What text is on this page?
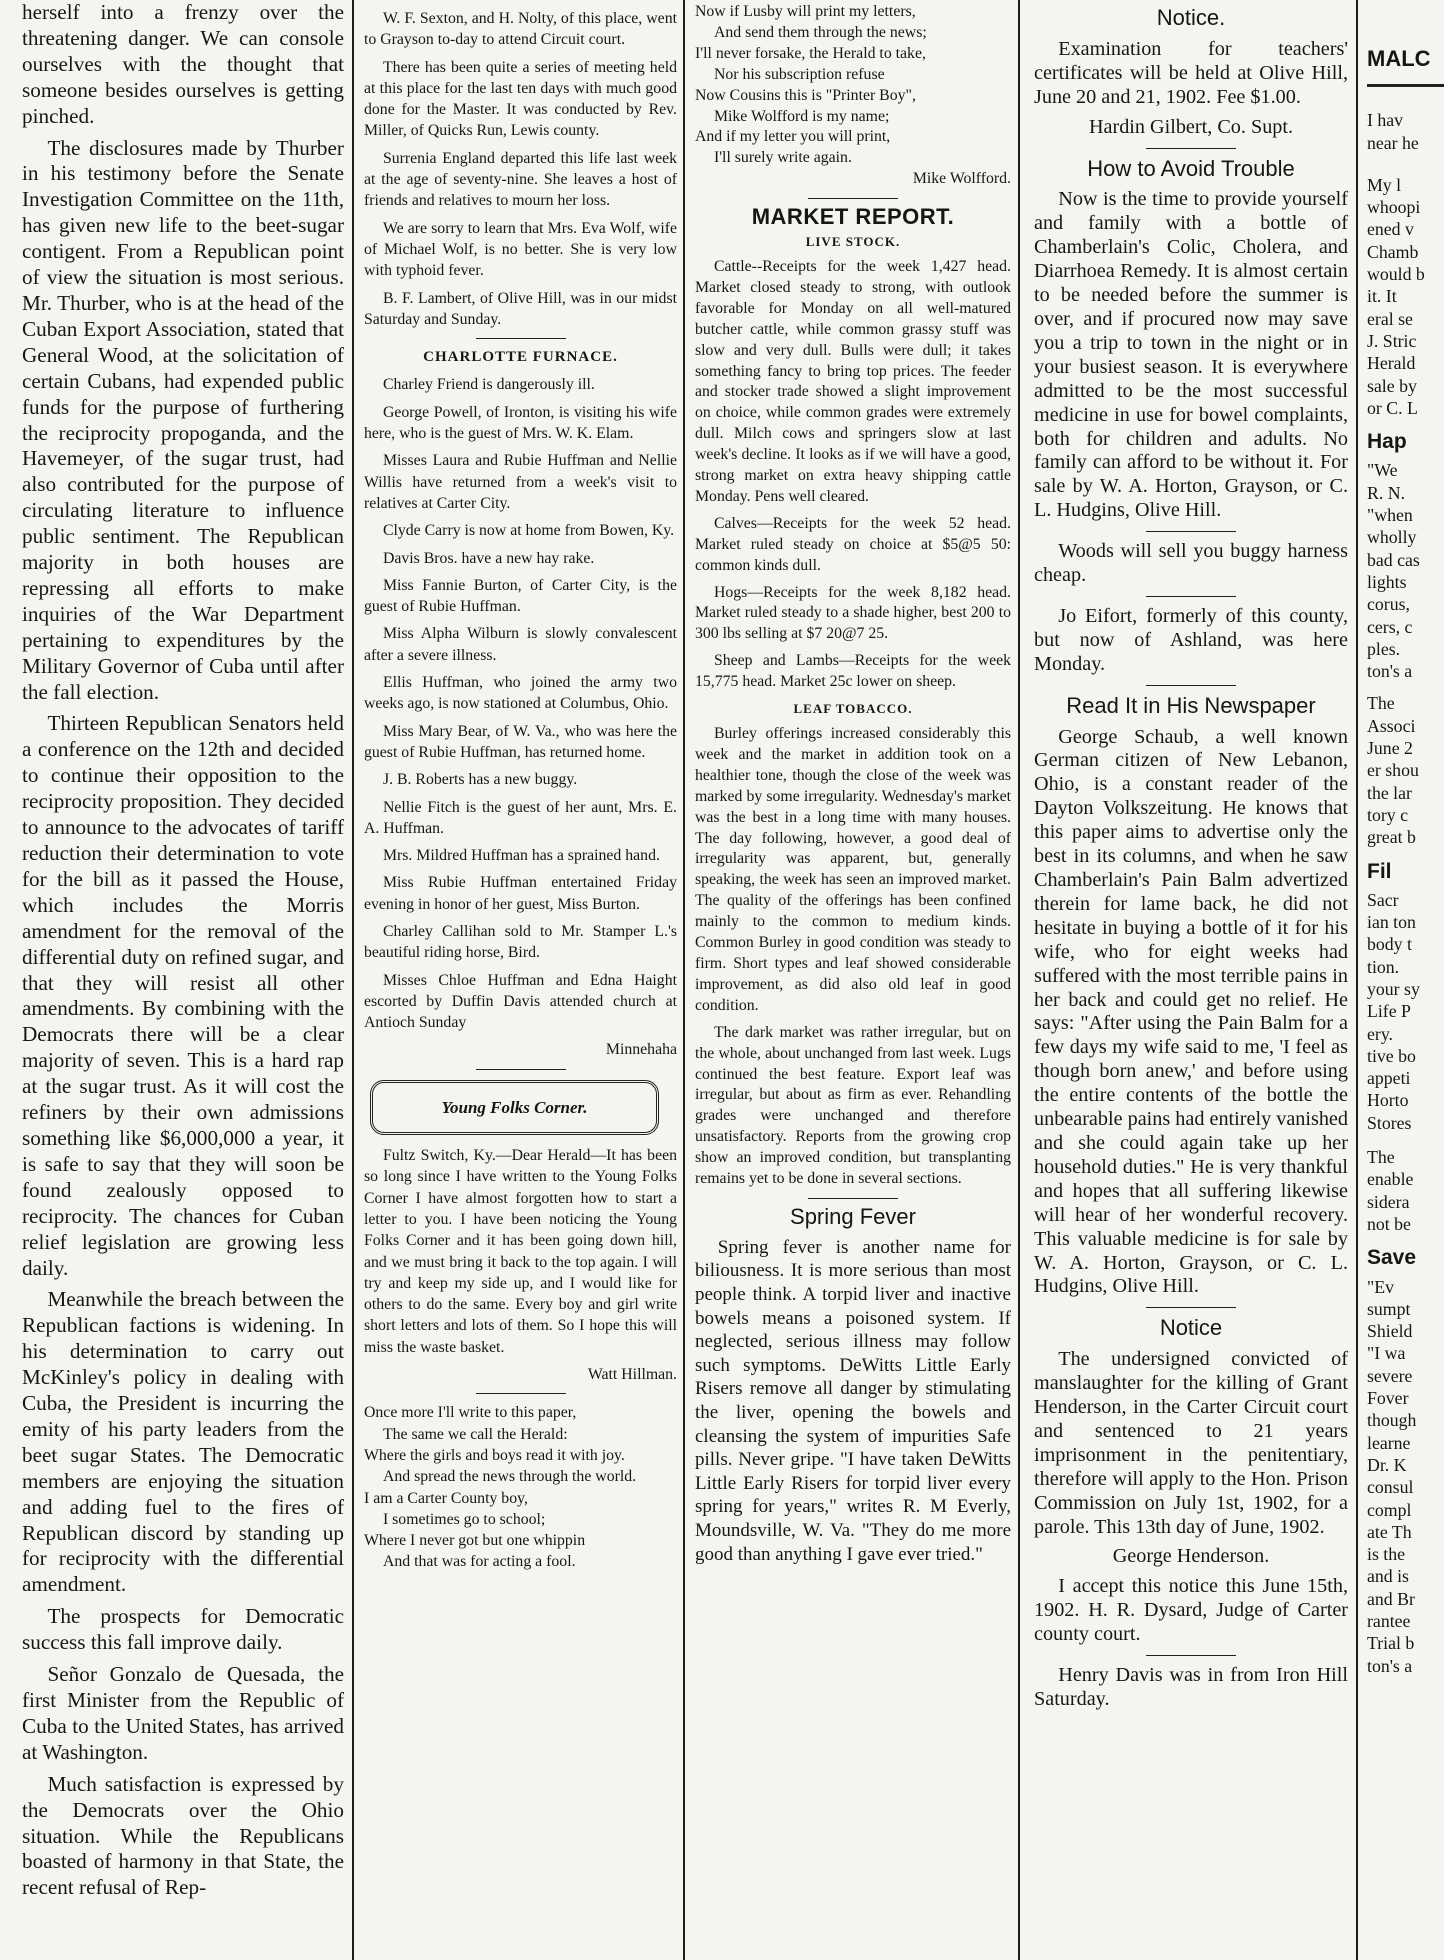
herself into a frenzy over the threatening danger. We can console ourselves with the thought that someone besides ourselves is getting pinched.

The disclosures made by Thurber in his testimony before the Senate Investigation Committee on the 11th, has given new life to the beet-sugar contigent. From a Republican point of view the situation is most serious. Mr. Thurber, who is at the head of the Cuban Export Association, stated that General Wood, at the solicitation of certain Cubans, had expended public funds for the purpose of furthering the reciprocity propoganda, and the Havemeyer, of the sugar trust, had also contributed for the purpose of circulating literature to influence public sentiment. The Republican majority in both houses are repressing all efforts to make inquiries of the War Department pertaining to expenditures by the Military Governor of Cuba until after the fall election.

Thirteen Republican Senators held a conference on the 12th and decided to continue their opposition to the reciprocity proposition. They decided to announce to the advocates of tariff reduction their determination to vote for the bill as it passed the House, which includes the Morris amendment for the removal of the differential duty on refined sugar, and that they will resist all other amendments. By combining with the Democrats there will be a clear majority of seven. This is a hard rap at the sugar trust. As it will cost the refiners by their own admissions something like $6,000,000 a year, it is safe to say that they will soon be found zealously opposed to reciprocity. The chances for Cuban relief legislation are growing less daily.

Meanwhile the breach between the Republican factions is widening. In his determination to carry out McKinley's policy in dealing with Cuba, the President is incurring the emity of his party leaders from the beet sugar States. The Democratic members are enjoying the situation and adding fuel to the fires of Republican discord by standing up for reciprocity with the differential amendment.

The prospects for Democratic success this fall improve daily.

Señor Gonzalo de Quesada, the first Minister from the Republic of Cuba to the United States, has arrived at Washington.

Much satisfaction is expressed by the Democrats over the Ohio situation. While the Republicans boasted of harmony in that State, the recent refusal of Rep-

W. F. Sexton, and H. Nolty, of this place, went to Grayson to-day to attend Circuit court.

There has been quite a series of meeting held at this place for the last ten days with much good done for the Master. It was conducted by Rev. Miller, of Quicks Run, Lewis county.

Surrenia England departed this life last week at the age of seventy-nine. She leaves a host of friends and relatives to mourn her loss.

We are sorry to learn that Mrs. Eva Wolf, wife of Michael Wolf, is no better. She is very low with typhoid fever.

B. F. Lambert, of Olive Hill, was in our midst Saturday and Sunday.

CHARLOTTE FURNACE.

Charley Friend is dangerously ill.

George Powell, of Ironton, is visiting his wife here, who is the guest of Mrs. W. K. Elam.

Misses Laura and Rubie Huffman and Nellie Willis have returned from a week's visit to relatives at Carter City.

Clyde Carry is now at home from Bowen, Ky.

Davis Bros. have a new hay rake.

Miss Fannie Burton, of Carter City, is the guest of Rubie Huffman.

Miss Alpha Wilburn is slowly convalescent after a severe illness.

Ellis Huffman, who joined the army two weeks ago, is now stationed at Columbus, Ohio.

Miss Mary Bear, of W. Va., who was here the guest of Rubie Huffman, has returned home.

J. B. Roberts has a new buggy.

Nellie Fitch is the guest of her aunt, Mrs. E. A. Huffman.

Mrs. Mildred Huffman has a sprained hand.

Miss Rubie Huffman entertained Friday evening in honor of her guest, Miss Burton.

Charley Callihan sold to Mr. Stamper L.'s beautiful riding horse, Bird.

Misses Chloe Huffman and Edna Haight escorted by Duffin Davis attended church at Antioch Sunday

Minnehaha

Young Folks Corner.

Fultz Switch, Ky.—Dear Herald—It has been so long since I have written to the Young Folks Corner I have almost forgotten how to start a letter to you. I have been noticing the Young Folks Corner and it has been going down hill, and we must bring it back to the top again. I will try and keep my side up, and I would like for others to do the same. Every boy and girl write short letters and lots of them. So I hope this will miss the waste basket.

Watt Hillman.

Once more I'll write to this paper,

The same we call the Herald:

Where the girls and boys read it with joy.

And spread the news through the world.

I am a Carter County boy,

I sometimes go to school;

Where I never got but one whippin

And that was for acting a fool.

Now if Lusby will print my letters,

And send them through the news;

I'll never forsake, the Herald to take,

Nor his subscription refuse

Now Cousins this is "Printer Boy",

Mike Wolfford is my name;

And if my letter you will print,

I'll surely write again.

Mike Wolfford.

MARKET REPORT.

LIVE STOCK.

Cattle--Receipts for the week 1,427 head. Market closed steady to strong, with outlook favorable for Monday on all well-matured butcher cattle, while common grassy stuff was slow and very dull. Bulls were dull; it takes something fancy to bring top prices. The feeder and stocker trade showed a slight improvement on choice, while common grades were extremely dull. Milch cows and springers slow at last week's decline. It looks as if we will have a good, strong market on extra heavy shipping cattle Monday. Pens well cleared.

Calves—Receipts for the week 52 head. Market ruled steady on choice at $5@5 50: common kinds dull.

Hogs—Receipts for the week 8,182 head. Market ruled steady to a shade higher, best 200 to 300 lbs selling at $7 20@7 25.

Sheep and Lambs—Receipts for the week 15,775 head. Market 25c lower on sheep.

LEAF TOBACCO.

Burley offerings increased considerably this week and the market in addition took on a healthier tone, though the close of the week was marked by some irregularity. Wednesday's market was the best in a long time with many houses. The day following, however, a good deal of irregularity was apparent, but, generally speaking, the week has seen an improved market. The quality of the offerings has been confined mainly to the common to medium kinds. Common Burley in good condition was steady to firm. Short types and leaf showed considerable improvement, as did also old leaf in good condition.

The dark market was rather irregular, but on the whole, about unchanged from last week. Lugs continued the best feature. Export leaf was irregular, but about as firm as ever. Rehandling grades were unchanged and therefore unsatisfactory. Reports from the growing crop show an improved condition, but transplanting remains yet to be done in several sections.

Spring Fever

Spring fever is another name for biliousness. It is more serious than most people think. A torpid liver and inactive bowels means a poisoned system. If neglected, serious illness may follow such symptoms. DeWitts Little Early Risers remove all danger by stimulating the liver, opening the bowels and cleansing the system of impurities Safe pills. Never gripe. "I have taken DeWitts Little Early Risers for torpid liver every spring for years," writes R. M Everly, Moundsville, W. Va. "They do me more good than anything I gave ever tried."

Notice.

Examination for teachers' certificates will be held at Olive Hill, June 20 and 21, 1902. Fee $1.00.

Hardin Gilbert, Co. Supt.

How to Avoid Trouble

Now is the time to provide yourself and family with a bottle of Chamberlain's Colic, Cholera, and Diarrhoea Remedy. It is almost certain to be needed before the summer is over, and if procured now may save you a trip to town in the night or in your busiest season. It is everywhere admitted to be the most successful medicine in use for bowel complaints, both for children and adults. No family can afford to be without it. For sale by W. A. Horton, Grayson, or C. L. Hudgins, Olive Hill.

Woods will sell you buggy harness cheap.

Jo Eifort, formerly of this county, but now of Ashland, was here Monday.

Read It in His Newspaper

George Schaub, a well known German citizen of New Lebanon, Ohio, is a constant reader of the Dayton Volkszeitung. He knows that this paper aims to advertise only the best in its columns, and when he saw Chamberlain's Pain Balm advertized therein for lame back, he did not hesitate in buying a bottle of it for his wife, who for eight weeks had suffered with the most terrible pains in her back and could get no relief. He says: "After using the Pain Balm for a few days my wife said to me, 'I feel as though born anew,' and before using the entire contents of the bottle the unbearable pains had entirely vanished and she could again take up her household duties." He is very thankful and hopes that all suffering likewise will hear of her wonderful recovery. This valuable medicine is for sale by W. A. Horton, Grayson, or C. L. Hudgins, Olive Hill.

Notice

The undersigned convicted of manslaughter for the killing of Grant Henderson, in the Carter Circuit court and sentenced to 21 years imprisonment in the penitentiary, therefore will apply to the Hon. Prison Commission on July 1st, 1902, for a parole. This 13th day of June, 1902.

George Henderson.

I accept this notice this June 15th, 1902. H. R. Dysard, Judge of Carter county court.

Henry Davis was in from Iron Hill Saturday.

MALC
I hav
near he
My l
whoopi
ened v
Chamb
would b
it. It
eral se
J. Stric
Herald
sale by
or C. L
Hap
"We
R. N.
"when
wholly
bad cas
lights
corus,
cers, c
ples.
ton's a
The
Associ
June 2
er shou
the lar
tory c
great b
Fil
Sacr
ian ton
body t
tion.
your sy
Life P
ery.
tive bo
appeti
Horto
Stores
The
enable
sidera
not be
Save
"Ev
sumpt
Shield
"I wa
severe
Fover
though
learne
Dr. K
consul
compl
ate Th
is the
and is
and Br
rantee
Trial b
ton's a
